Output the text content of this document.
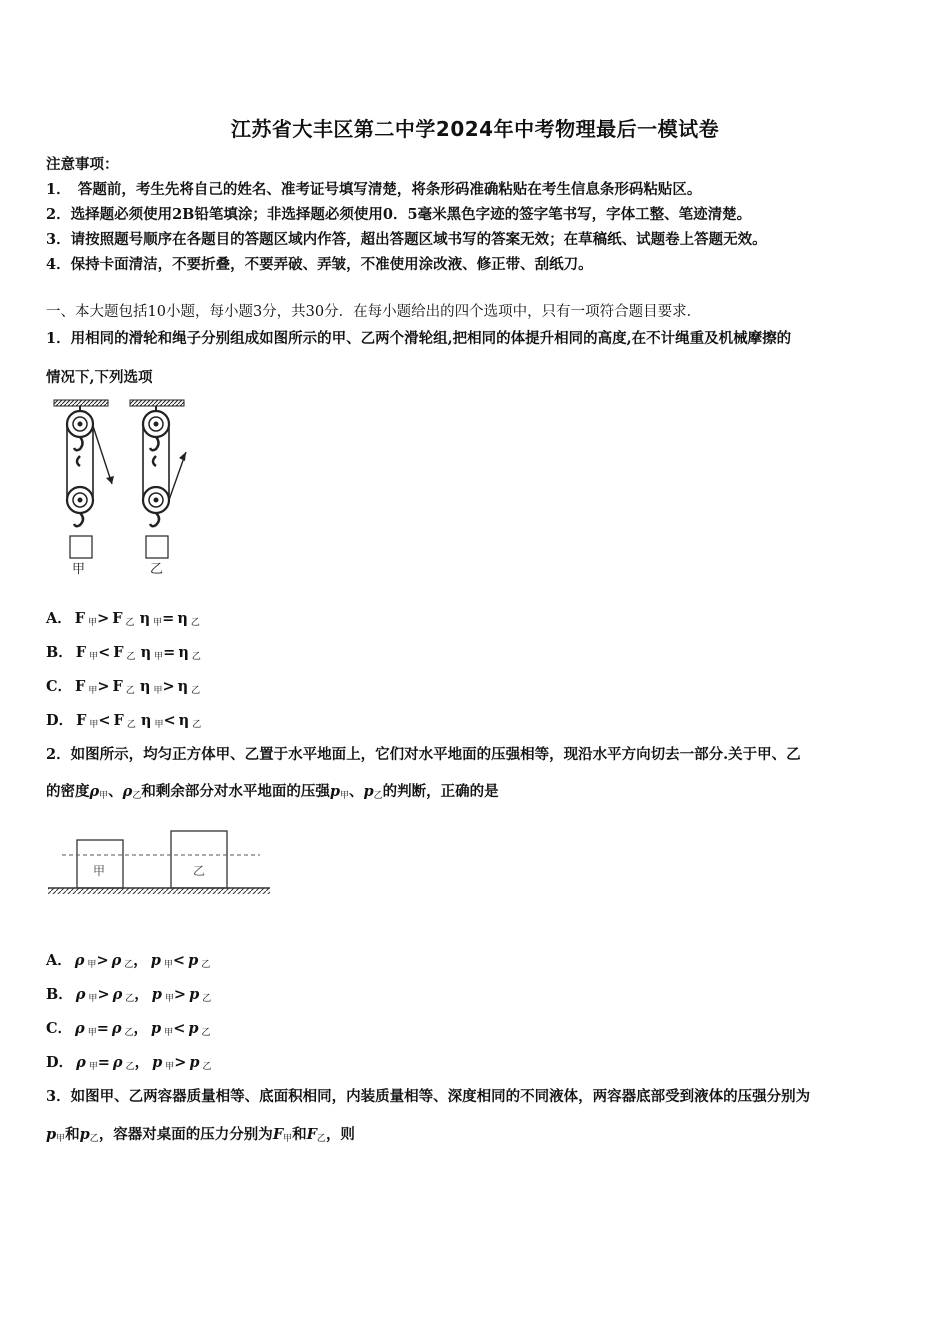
江苏省大丰区第二中学2024年中考物理最后一模试卷
注意事项：
1．　答题前，考生先将自己的姓名、准考证号填写清楚，将条形码准确粘贴在考生信息条形码粘贴区。
2．选择题必须使用2B铅笔填涂；非选择题必须使用0．5毫米黑色字迹的签字笔书写，字体工整、笔迹清楚。
3．请按照题号顺序在各题目的答题区域内作答，超出答题区域书写的答案无效；在草稿纸、试题卷上答题无效。
4．保持卡面清洁，不要折叠，不要弄破、弄皱，不准使用涂改液、修正带、刮纸刀。
一、本大题包括10小题，每小题3分，共30分．在每小题给出的四个选项中，只有一项符合题目要求．
1．用相同的滑轮和绳子分别组成如图所示的甲、乙两个滑轮组,把相同的体提升相同的高度,在不计绳重及机械摩擦的
情况下,下列选项
甲	乙
A． F $_甲$> F $_乙$ η $_甲$= η $_乙$
B． F $_甲$< F $_乙$ η $_甲$= η $_乙$
C． F $_甲$> F $_乙$ η $_甲$> η $_乙$
D． F $_甲$< F $_乙$ η $_甲$< η $_乙$
2．如图所示，均匀正方体甲、乙置于水平地面上，它们对水平地面的压强相等，现沿水平方向切去一部分.关于甲、乙
的密度$\rho_甲$、$\rho_乙$和剩余部分对水平地面的压强$p_甲$、$p_乙$的判断，正确的是
甲	乙
A． ρ $_甲$> ρ $_乙$， p $_甲$< p $_乙$
B． ρ $_甲$> ρ $_乙$， p $_甲$> p $_乙$
C． ρ $_甲$= ρ $_乙$， p $_甲$< p $_乙$
D． ρ $_甲$= ρ $_乙$， p $_甲$> p $_乙$
3．如图甲、乙两容器质量相等、底面积相同，内装质量相等、深度相同的不同液体，两容器底部受到液体的压强分别为
$p_甲$和$p_乙$，容器对桌面的压力分别为$F_甲$和$F_乙$，则
